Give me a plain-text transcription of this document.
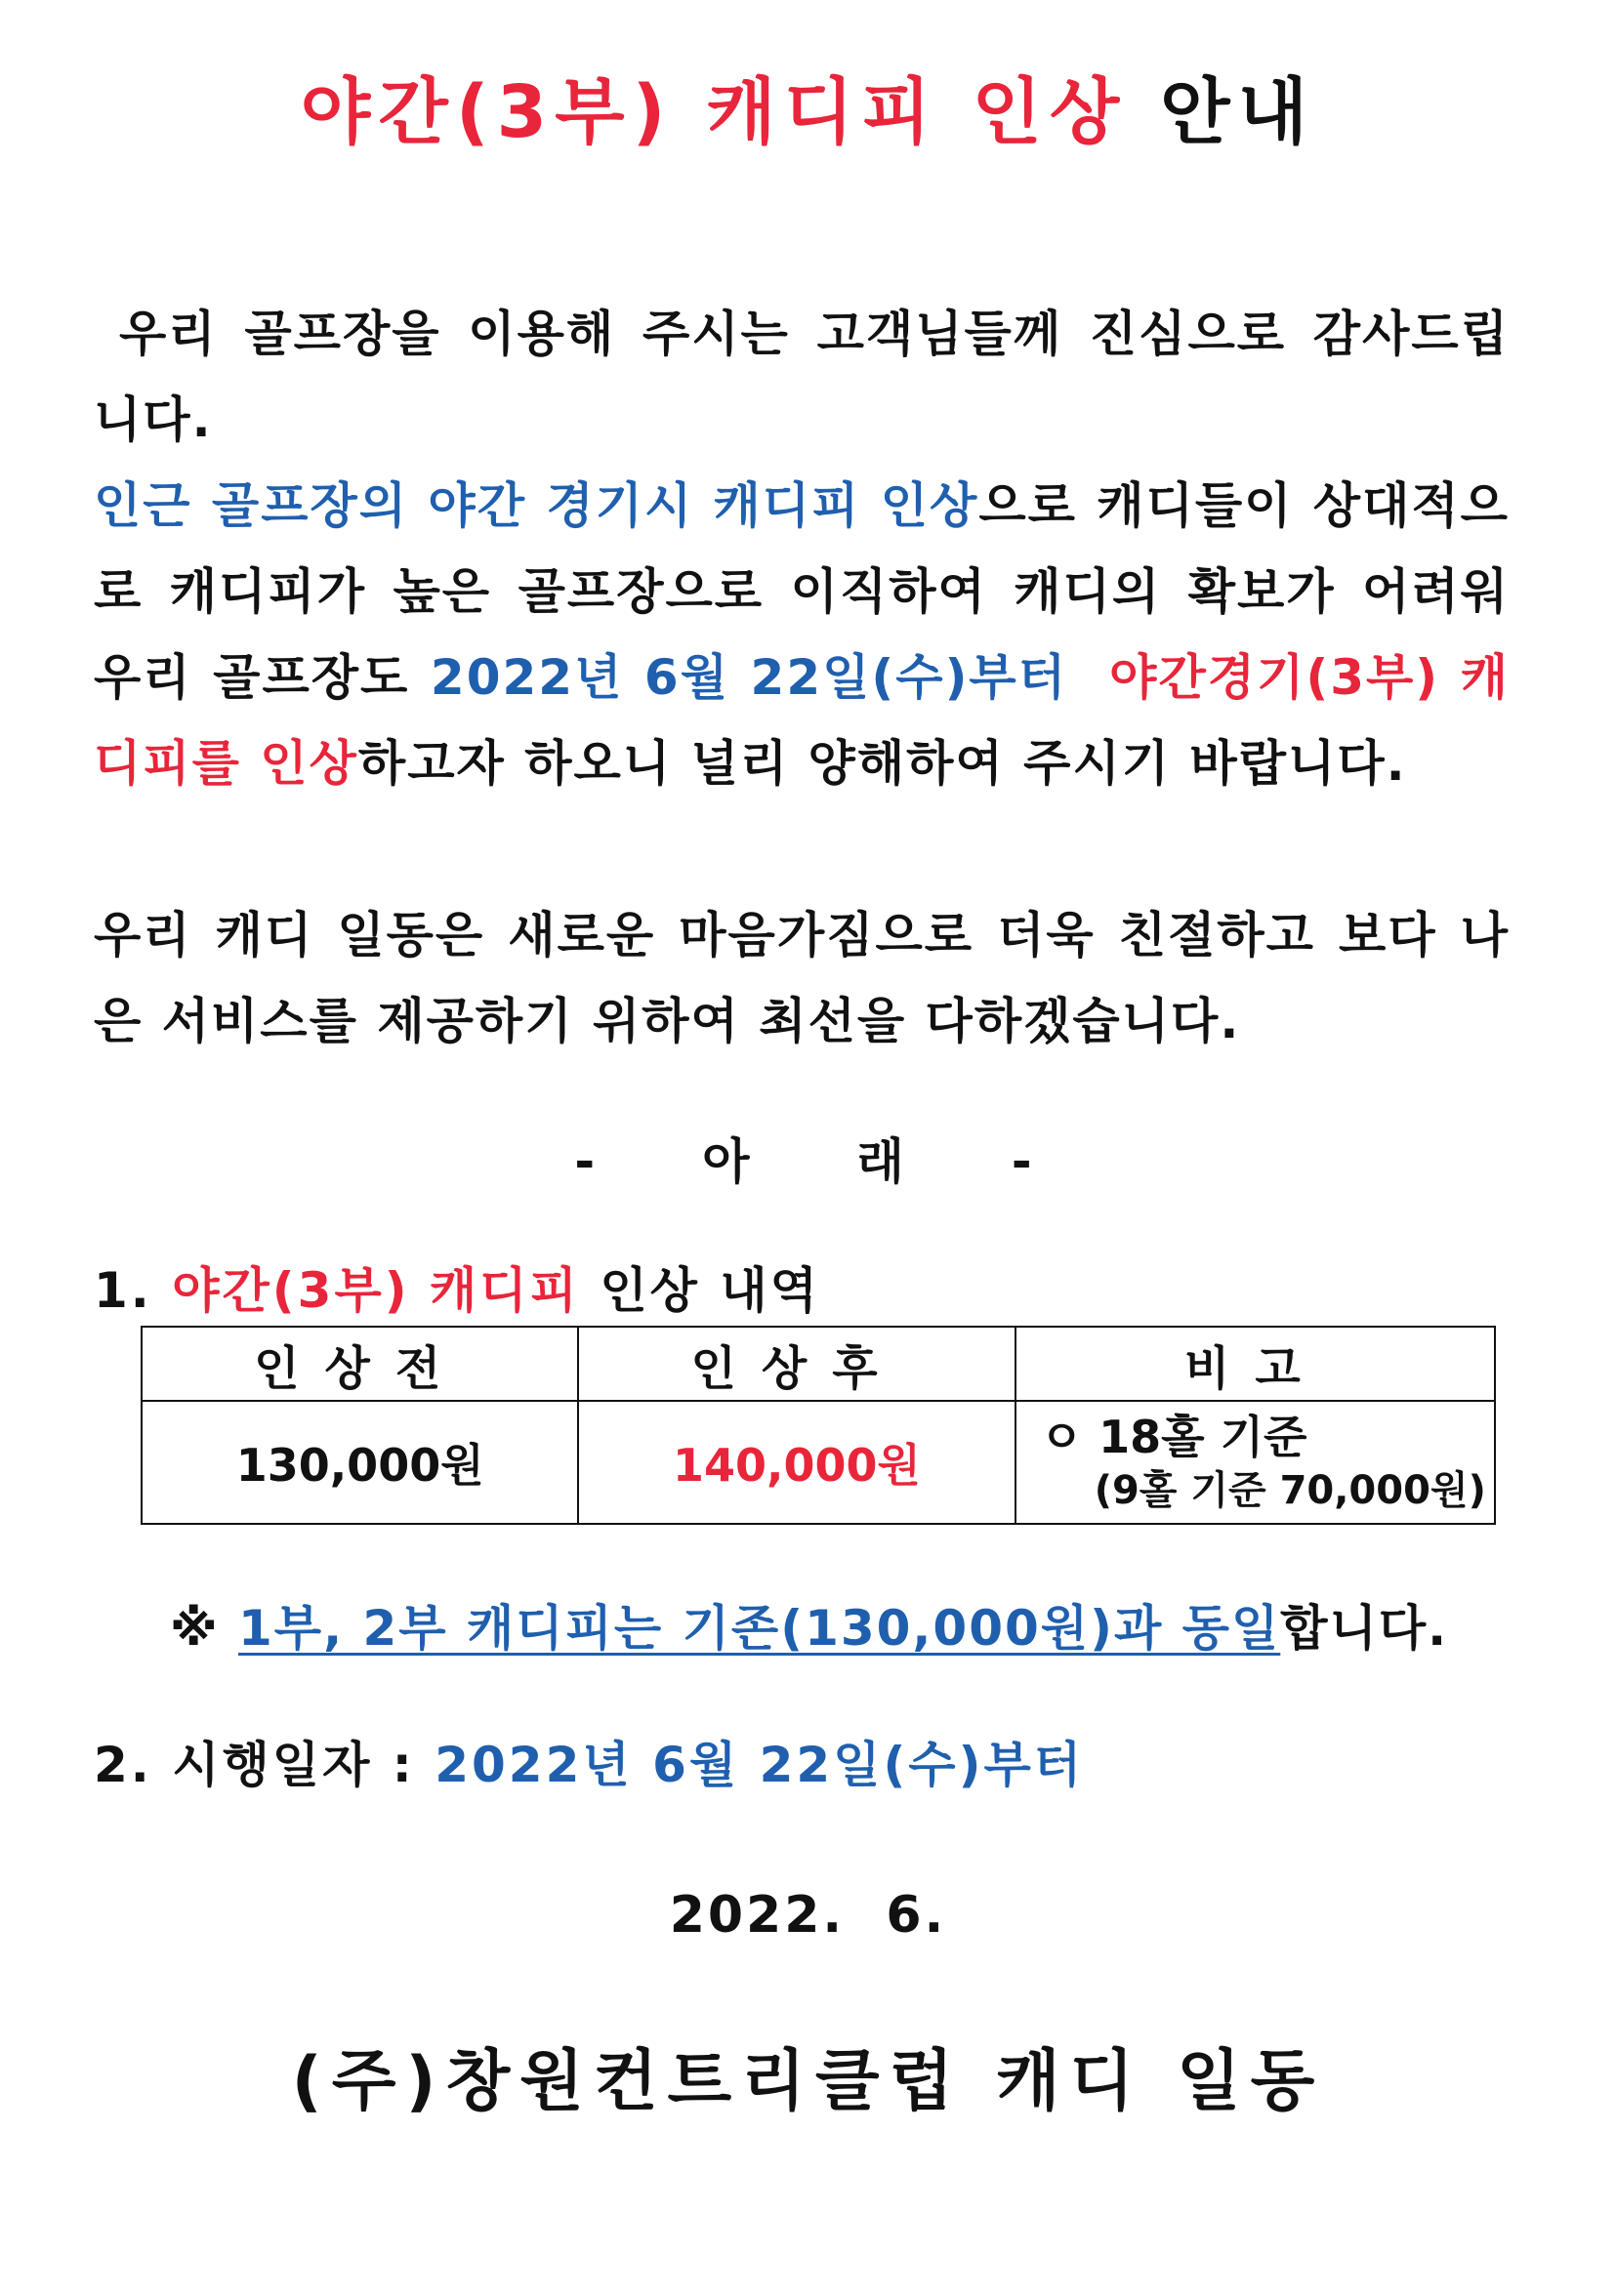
야간(3부) 캐디피 인상 안내
우리 골프장을 이용해 주시는 고객님들께 진심으로 감사드립니다.
인근 골프장의 야간 경기시 캐디피 인상으로 캐디들이 상대적으로 캐디피가 높은 골프장으로 이직하여 캐디의 확보가 어려워 우리 골프장도 2022년 6월 22일(수)부터 야간경기(3부) 캐디피를 인상하고자 하오니 널리 양해하여 주시기 바랍니다.
우리 캐디 일동은 새로운 마음가짐으로 더욱 친절하고 보다 나은 서비스를 제공하기 위하여 최선을 다하겠습니다.
- 아 래 -
1. 야간(3부) 캐디피 인상 내역
인상전	인상후	비고
130,000원	140,000원	ㅇ 18홀 기준
(9홀 기준 70,000원)
※ 1부, 2부 캐디피는 기존(130,000원)과 동일합니다.
2. 시행일자 : 2022년 6월 22일(수)부터
2022.  6.
(주)창원컨트리클럽 캐디 일동
